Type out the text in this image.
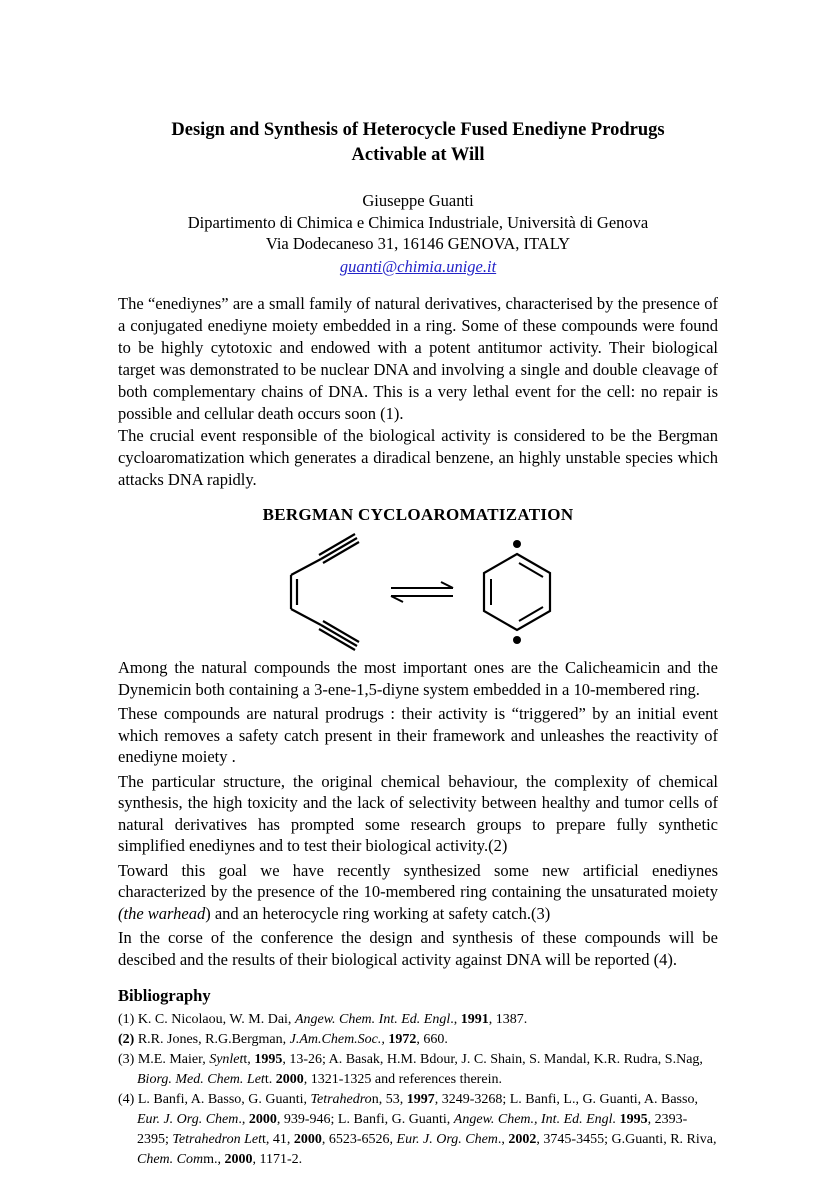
Design and Synthesis of Heterocycle Fused Enediyne Prodrugs
Activable at Will
Giuseppe Guanti
Dipartimento di Chimica e Chimica Industriale, Università di Genova
Via Dodecaneso 31, 16146 GENOVA, ITALY
guanti@chimia.unige.it

The “enediynes” are a small family of natural derivatives, characterised by the presence of a conjugated enediyne moiety embedded in a ring. Some of these compounds were found to be highly cytotoxic and endowed with a potent antitumor activity. Their biological target was demonstrated to be nuclear DNA and involving a single and double cleavage of both complementary chains of DNA. This is a very lethal event for the cell: no repair is possible and cellular death occurs soon (1).

The crucial event responsible of the biological activity is considered to be the Bergman cycloaromatization which generates a diradical benzene, an highly unstable species which attacks DNA rapidly.

BERGMAN CYCLOAROMATIZATION

Among the natural compounds the most important ones are the Calicheamicin and the Dynemicin both containing a 3-ene-1,5-diyne system embedded in a 10-membered ring.

These compounds are natural prodrugs : their activity is “triggered” by an initial event which removes a safety catch present in their framework and unleashes the reactivity of enediyne moiety .

The particular structure, the original chemical behaviour, the complexity of chemical synthesis, the high toxicity and the lack of selectivity between healthy and tumor cells of natural derivatives has prompted some research groups to prepare fully synthetic simplified enediynes and to test their biological activity.(2)

Toward this goal we have recently synthesized some new artificial enediynes characterized by the presence of the 10-membered ring containing the unsaturated moiety (the warhead) and an heterocycle ring working at safety catch.(3)

In the corse of the conference the design and synthesis of these compounds will be descibed and the results of their biological activity against DNA will be reported (4).

Bibliography

(1) K. C. Nicolaou, W. M. Dai, Angew. Chem. Int. Ed. Engl., 1991, 1387.

(2) R.R. Jones, R.G.Bergman, J.Am.Chem.Soc., 1972, 660.

(3) M.E. Maier, Synlett, 1995, 13-26; A. Basak, H.M. Bdour, J. C. Shain, S. Mandal, K.R. Rudra, S.Nag, Biorg. Med. Chem. Lett. 2000, 1321-1325 and references therein.

(4) L. Banfi, A. Basso, G. Guanti, Tetrahedron, 53, 1997, 3249-3268; L. Banfi, L., G. Guanti, A. Basso, Eur. J. Org. Chem., 2000, 939-946; L. Banfi, G. Guanti, Angew. Chem., Int. Ed. Engl. 1995, 2393-2395; Tetrahedron Lett, 41, 2000, 6523-6526, Eur. J. Org. Chem., 2002, 3745-3455; G.Guanti, R. Riva, Chem. Comm., 2000, 1171-2.
